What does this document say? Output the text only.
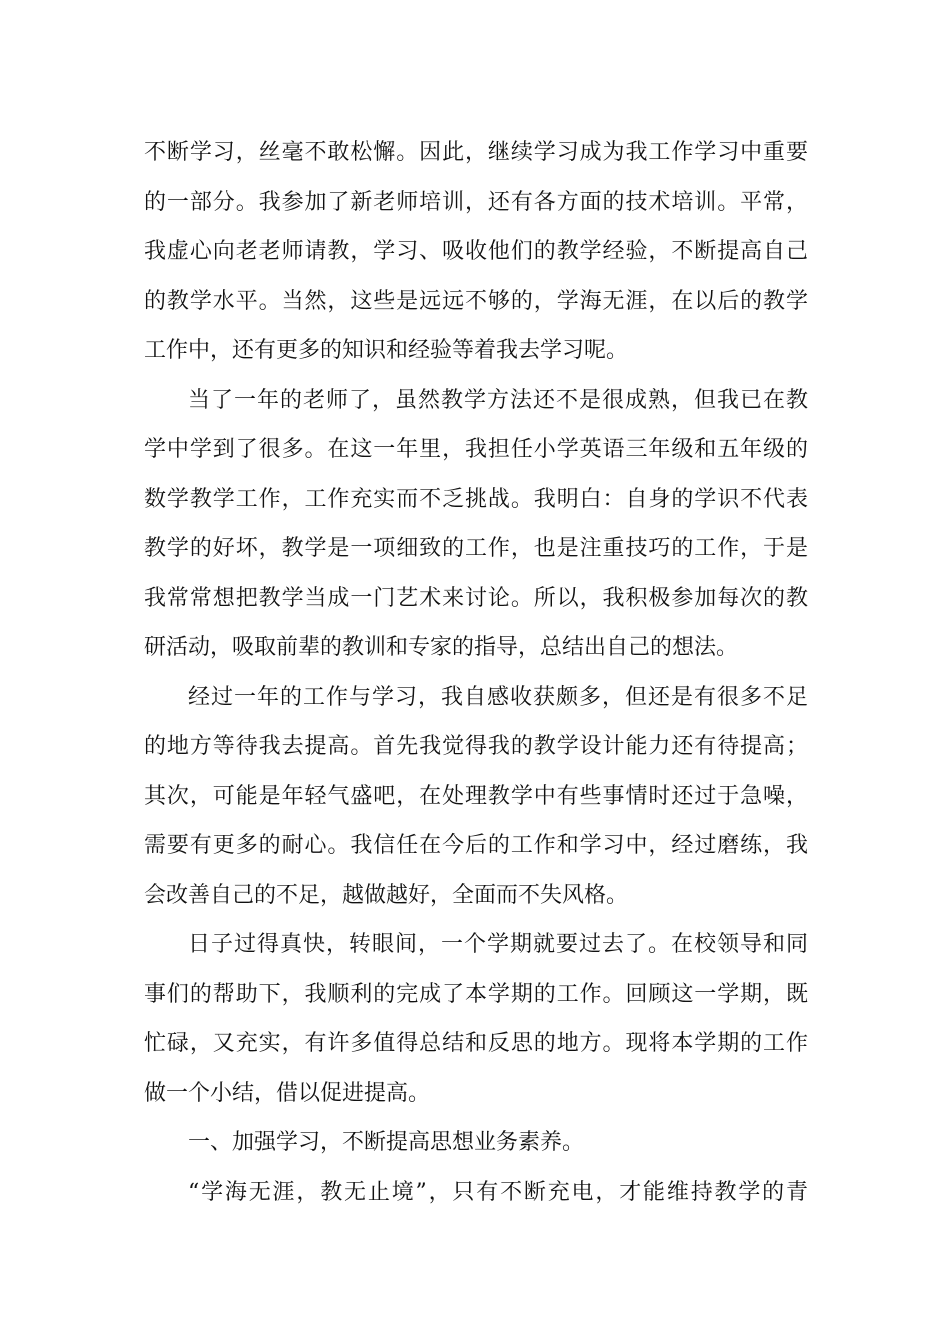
不断学习，丝毫不敢松懈。因此，继续学习成为我工作学习中重要
的一部分。我参加了新老师培训，还有各方面的技术培训。平常，
我虚心向老老师请教，学习、吸收他们的教学经验，不断提高自己
的教学水平。当然，这些是远远不够的，学海无涯，在以后的教学
工作中，还有更多的知识和经验等着我去学习呢。
当了一年的老师了，虽然教学方法还不是很成熟，但我已在教
学中学到了很多。在这一年里，我担任小学英语三年级和五年级的
数学教学工作，工作充实而不乏挑战。我明白：自身的学识不代表
教学的好坏，教学是一项细致的工作，也是注重技巧的工作，于是
我常常想把教学当成一门艺术来讨论。所以，我积极参加每次的教
研活动，吸取前辈的教训和专家的指导，总结出自己的想法。
经过一年的工作与学习，我自感收获颇多，但还是有很多不足
的地方等待我去提高。首先我觉得我的教学设计能力还有待提高；
其次，可能是年轻气盛吧，在处理教学中有些事情时还过于急噪，
需要有更多的耐心。我信任在今后的工作和学习中，经过磨练，我
会改善自己的不足，越做越好，全面而不失风格。
日子过得真快，转眼间，一个学期就要过去了。在校领导和同
事们的帮助下，我顺利的完成了本学期的工作。回顾这一学期，既
忙碌，又充实，有许多值得总结和反思的地方。现将本学期的工作
做一个小结，借以促进提高。
一、加强学习，不断提高思想业务素养。
“学海无涯，教无止境”，只有不断充电，才能维持教学的青
